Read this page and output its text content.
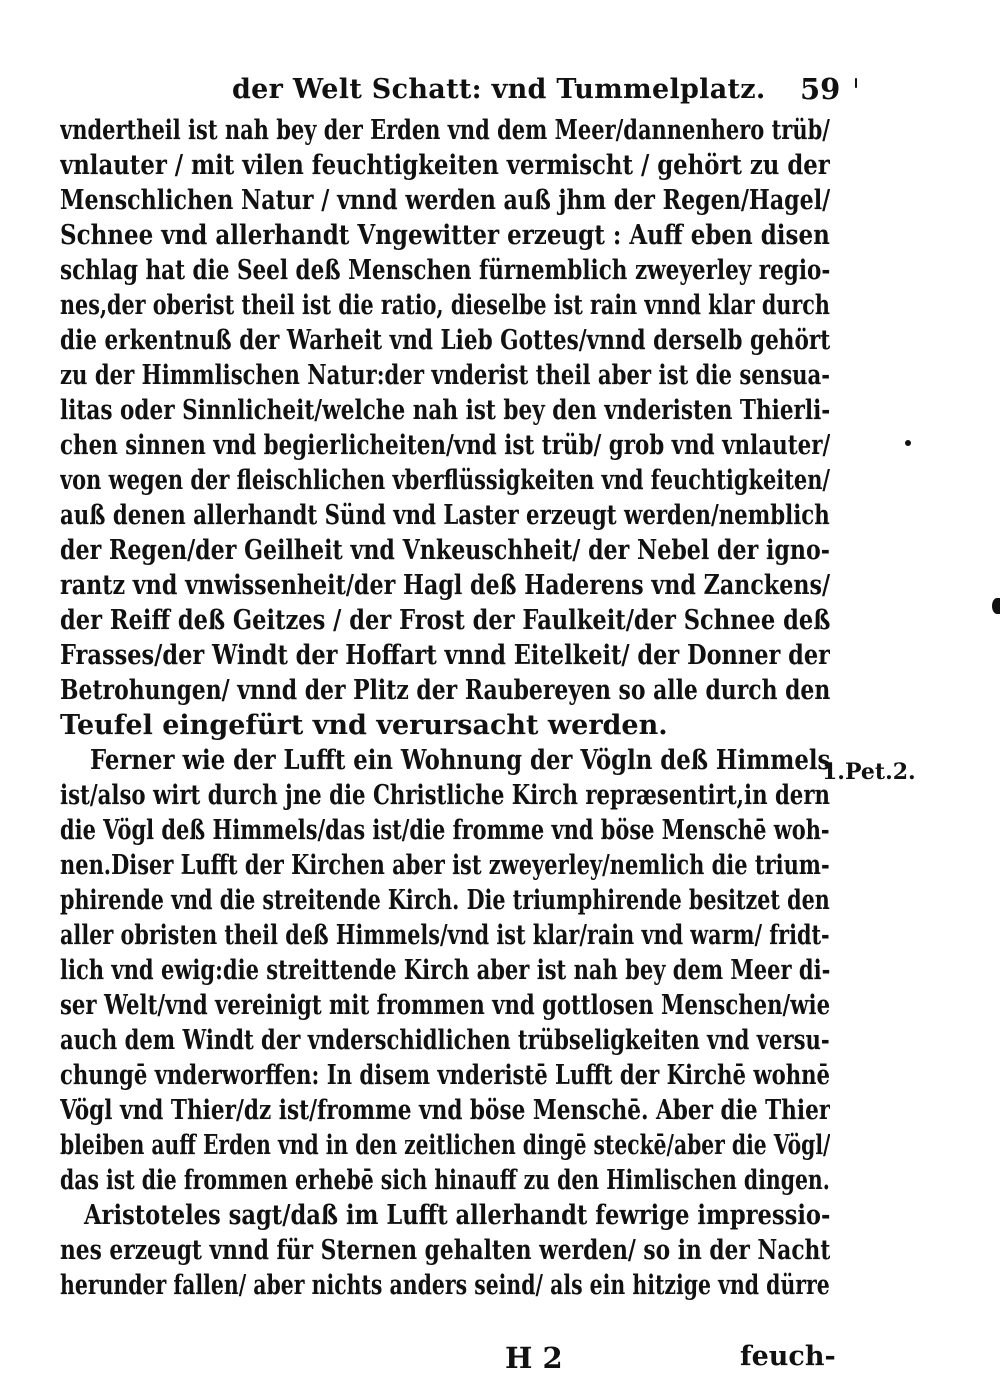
der Welt Schatt: vnd Tummelplatz. 59
vndertheil ist nah bey der Erden vnd dem Meer/dannenhero trüb/
vnlauter / mit vilen feuchtigkeiten vermischt / gehört zu der
Menschlichen Natur / vnnd werden auß jhm der Regen/Hagel/
Schnee vnd allerhandt Vngewitter erzeugt : Auff eben disen
schlag hat die Seel deß Menschen fürnemblich zweyerley regio-
nes,der oberist theil ist die ratio, dieselbe ist rain vnnd klar durch
die erkentnuß der Warheit vnd Lieb Gottes/vnnd derselb gehört
zu der Himmlischen Natur:der vnderist theil aber ist die sensua-
litas oder Sinnlicheit/welche nah ist bey den vnderisten Thierli-
chen sinnen vnd begierlicheiten/vnd ist trüb/ grob vnd vnlauter/
von wegen der fleischlichen vberflüssigkeiten vnd feuchtigkeiten/
auß denen allerhandt Sünd vnd Laster erzeugt werden/nemblich
der Regen/der Geilheit vnd Vnkeuschheit/ der Nebel der igno-
rantz vnd vnwissenheit/der Hagl deß Haderens vnd Zanckens/
der Reiff deß Geitzes / der Frost der Faulkeit/der Schnee deß
Frasses/der Windt der Hoffart vnnd Eitelkeit/ der Donner der
Betrohungen/ vnnd der Plitz der Raubereyen so alle durch den
Teufel eingefürt vnd verursacht werden.
Ferner wie der Lufft ein Wohnung der Vögln deß Himmels
ist/also wirt durch jne die Christliche Kirch repræsentirt,in dern
die Vögl deß Himmels/das ist/die fromme vnd böse Menschē woh-
nen.Diser Lufft der Kirchen aber ist zweyerley/nemlich die trium-
phirende vnd die streitende Kirch. Die triumphirende besitzet den
aller obristen theil deß Himmels/vnd ist klar/rain vnd warm/ fridt-
lich vnd ewig:die streittende Kirch aber ist nah bey dem Meer di-
ser Welt/vnd vereinigt mit frommen vnd gottlosen Menschen/wie
auch dem Windt der vnderschidlichen trübseligkeiten vnd versu-
chungē vnderworffen: In disem vnderistē Lufft der Kirchē wohnē
Vögl vnd Thier/dz ist/fromme vnd böse Menschē. Aber die Thier
bleiben auff Erden vnd in den zeitlichen dingē steckē/aber die Vögl/
das ist die frommen erhebē sich hinauff zu den Himlischen dingen.
Aristoteles sagt/daß im Lufft allerhandt fewrige impressio-
nes erzeugt vnnd für Sternen gehalten werden/ so in der Nacht
herunder fallen/ aber nichts anders seind/ als ein hitzige vnd dürre
1.Pet.2.
H 2	feuch-
